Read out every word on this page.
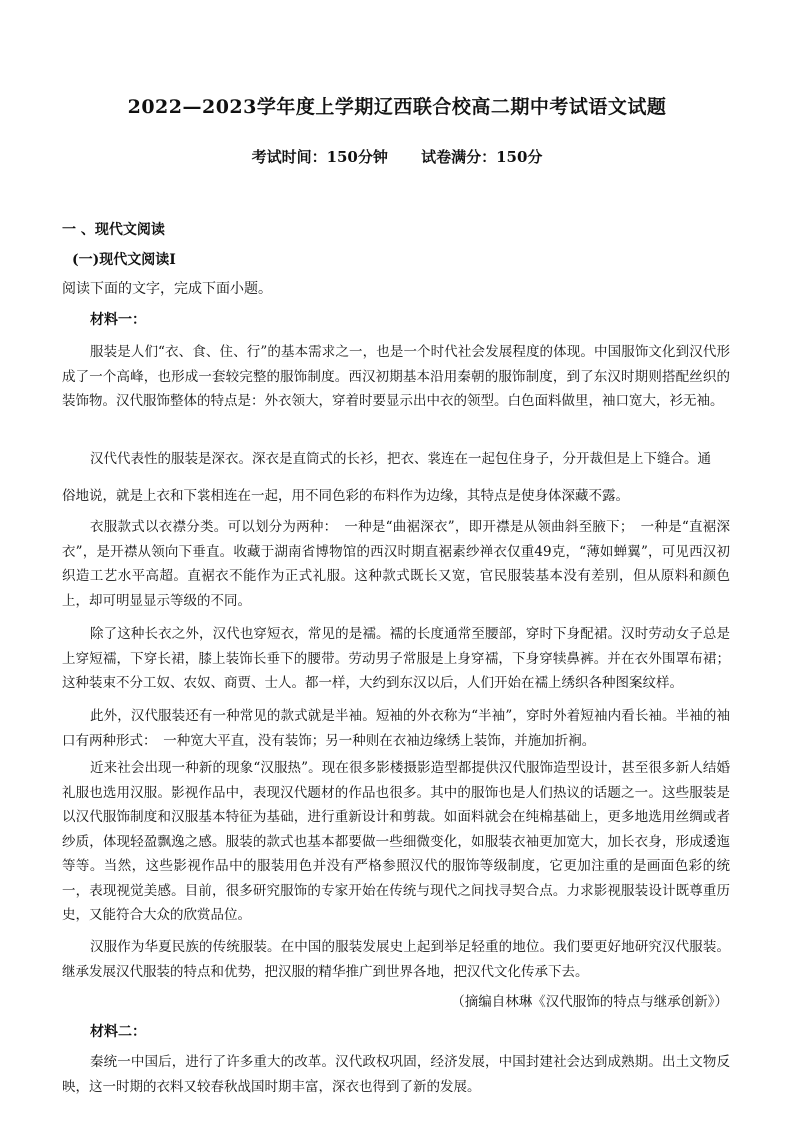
2022—2023学年度上学期辽西联合校高二期中考试语文试题
考试时间：150分钟 试卷满分：150分
一 、现代文阅读
(一)现代文阅读I
阅读下面的文字，完成下面小题。
材料一：
服装是人们“衣、食、住、行”的基本需求之一，也是一个时代社会发展程度的体现。中国服饰文化到汉代形成了一个高峰，也形成一套较完整的服饰制度。西汉初期基本沿用秦朝的服饰制度，到了东汉时期则搭配丝织的装饰物。汉代服饰整体的特点是：外衣领大，穿着时要显示出中衣的领型。白色面料做里，袖口宽大，衫无袖。
汉代代表性的服装是深衣。深衣是直筒式的长衫，把衣、裳连在一起包住身子，分开裁但是上下缝合。通
俗地说，就是上衣和下裳相连在一起，用不同色彩的布料作为边缘，其特点是使身体深藏不露。
衣服款式以衣襟分类。可以划分为两种：　一种是“曲裾深衣”，即开襟是从领曲斜至腋下；　一种是“直裾深衣”，是开襟从领向下垂直。收藏于湖南省博物馆的西汉时期直裾素纱禅衣仅重49克，“薄如蝉翼”，可见西汉初织造工艺水平高超。直裾衣不能作为正式礼服。这种款式既长又宽，官民服装基本没有差别，但从原料和颜色上，却可明显显示等级的不同。
除了这种长衣之外，汉代也穿短衣，常见的是襦。襦的长度通常至腰部，穿时下身配裙。汉时劳动女子总是上穿短襦，下穿长裙，膝上装饰长垂下的腰带。劳动男子常服是上身穿襦，下身穿犊鼻裤。并在衣外围罩布裙；这种装束不分工奴、农奴、商贾、士人。都一样，大约到东汉以后，人们开始在襦上绣织各种图案纹样。
此外，汉代服装还有一种常见的款式就是半袖。短袖的外衣称为“半袖”，穿时外着短袖内看长袖。半袖的袖口有两种形式：　一种宽大平直，没有装饰；另一种则在衣袖边缘绣上装饰，并施加折裥。
近来社会出现一种新的现象“汉服热”。现在很多影楼摄影造型都提供汉代服饰造型设计，甚至很多新人结婚礼服也选用汉服。影视作品中，表现汉代题材的作品也很多。其中的服饰也是人们热议的话题之一。这些服装是以汉代服饰制度和汉服基本特征为基础，进行重新设计和剪裁。如面料就会在纯棉基础上，更多地选用丝绸或者纱质，体现轻盈飘逸之感。服装的款式也基本都要做一些细微变化，如服装衣袖更加宽大，加长衣身，形成逶迤等等。当然，这些影视作品中的服装用色并没有严格参照汉代的服饰等级制度，它更加注重的是画面色彩的统一，表现视觉美感。目前，很多研究服饰的专家开始在传统与现代之间找寻契合点。力求影视服装设计既尊重历史，又能符合大众的欣赏品位。
汉服作为华夏民族的传统服装。在中国的服装发展史上起到举足轻重的地位。我们要更好地研究汉代服装。继承发展汉代服装的特点和优势，把汉服的精华推广到世界各地，把汉代文化传承下去。
（摘编自林琳《汉代服饰的特点与继承创新》）
材料二：
秦统一中国后，进行了许多重大的改革。汉代政权巩固，经济发展，中国封建社会达到成熟期。出土文物反映，这一时期的衣料又较春秋战国时期丰富，深衣也得到了新的发展。
